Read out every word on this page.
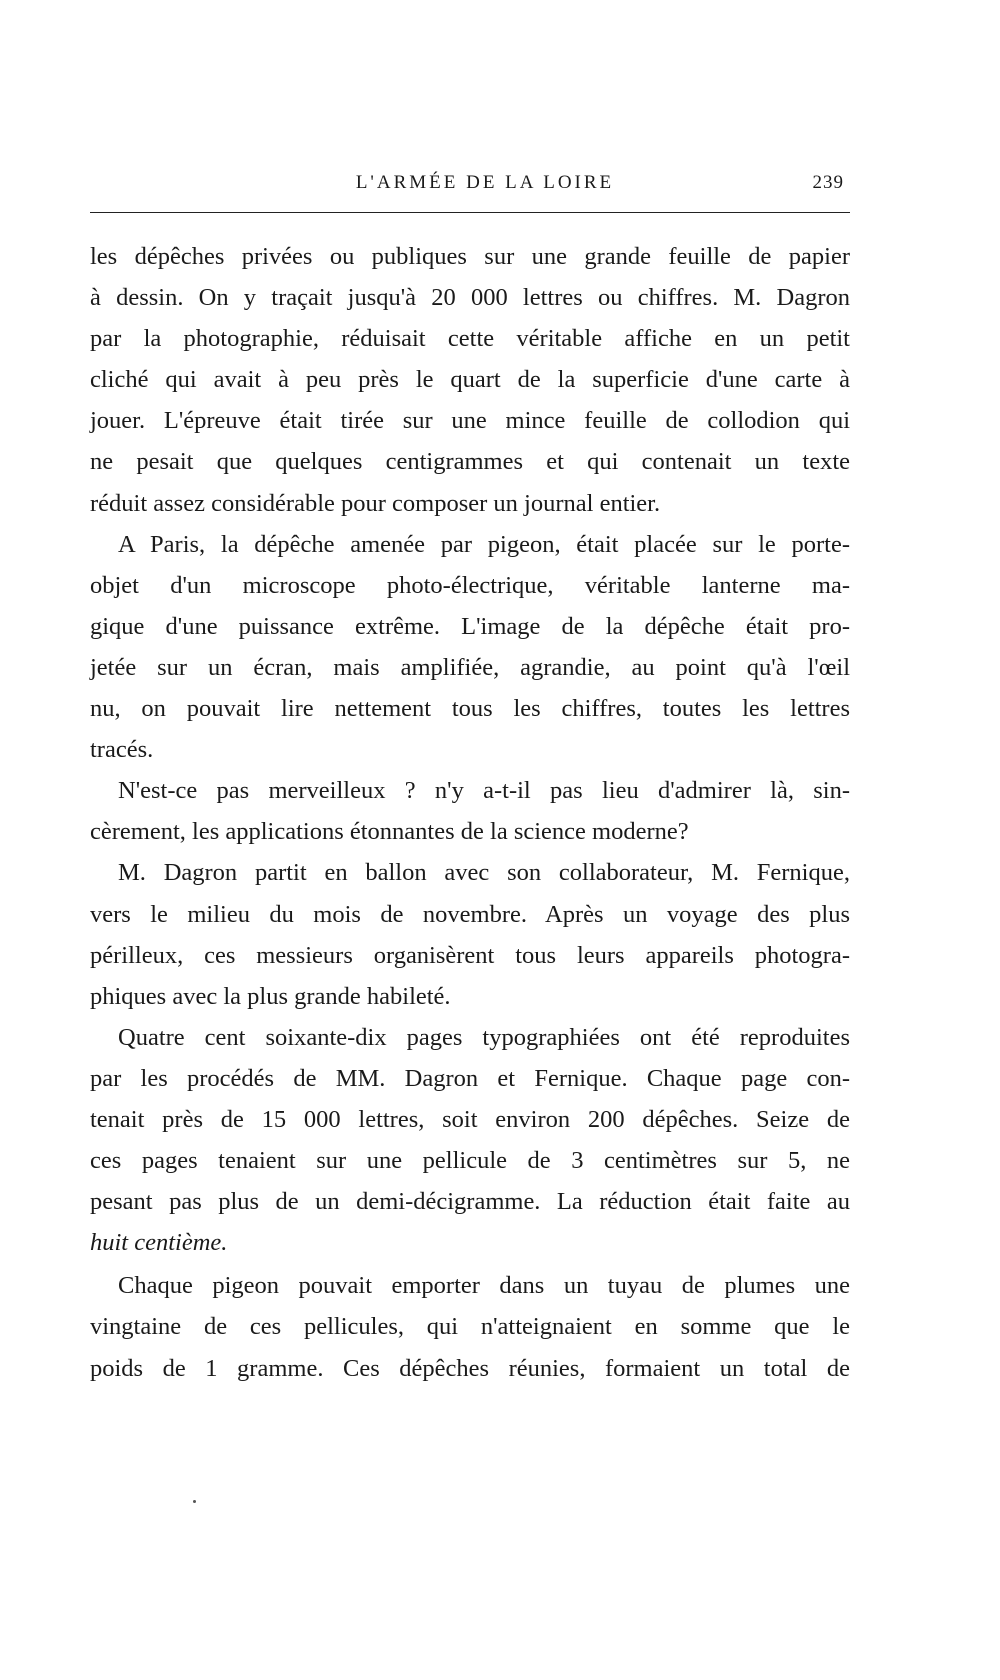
L'ARMÉE DE LA LOIRE	239
les dépêches privées ou publiques sur une grande feuille de papier
à dessin. On y traçait jusqu'à 20 000 lettres ou chiffres. M. Dagron
par la photographie, réduisait cette véritable affiche en un petit
cliché qui avait à peu près le quart de la superficie d'une carte à
jouer. L'épreuve était tirée sur une mince feuille de collodion qui
ne pesait que quelques centigrammes et qui contenait un texte
réduit assez considérable pour composer un journal entier.
A Paris, la dépêche amenée par pigeon, était placée sur le porte-
objet d'un microscope photo-électrique, véritable lanterne ma-
gique d'une puissance extrême. L'image de la dépêche était pro-
jetée sur un écran, mais amplifiée, agrandie, au point qu'à l'œil
nu, on pouvait lire nettement tous les chiffres, toutes les lettres
tracés.
N'est-ce pas merveilleux ? n'y a-t-il pas lieu d'admirer là, sin-
cèrement, les applications étonnantes de la science moderne?
M. Dagron partit en ballon avec son collaborateur, M. Fernique,
vers le milieu du mois de novembre. Après un voyage des plus
périlleux, ces messieurs organisèrent tous leurs appareils photogra-
phiques avec la plus grande habileté.
Quatre cent soixante-dix pages typographiées ont été reproduites
par les procédés de MM. Dagron et Fernique. Chaque page con-
tenait près de 15 000 lettres, soit environ 200 dépêches. Seize de
ces pages tenaient sur une pellicule de 3 centimètres sur 5, ne
pesant pas plus de un demi-décigramme. La réduction était faite au
huit centième.
Chaque pigeon pouvait emporter dans un tuyau de plumes une
vingtaine de ces pellicules, qui n'atteignaient en somme que le
poids de 1 gramme. Ces dépêches réunies, formaient un total de
